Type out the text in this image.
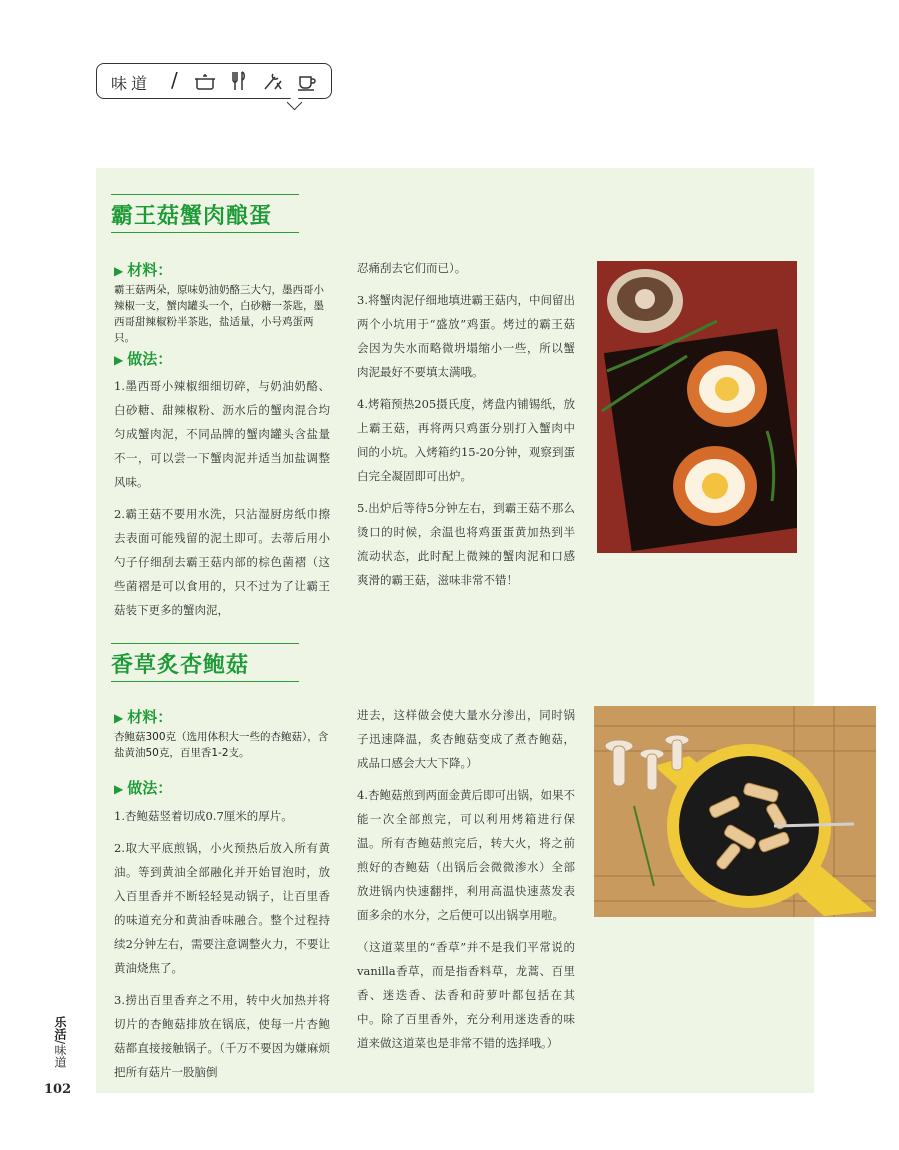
味道 /
霸王菇蟹肉酿蛋
▶ 材料：
霸王菇两朵，原味奶油奶酪三大勺，墨西哥小辣椒一支，蟹肉罐头一个，白砂糖一茶匙，墨西哥甜辣椒粉半茶匙，盐适量，小号鸡蛋两只。
▶ 做法：

1.墨西哥小辣椒细细切碎，与奶油奶酪、白砂糖、甜辣椒粉、沥水后的蟹肉混合均匀成蟹肉泥，不同品牌的蟹肉罐头含盐量不一，可以尝一下蟹肉泥并适当加盐调整风味。

2.霸王菇不要用水洗，只沾湿厨房纸巾擦去表面可能残留的泥土即可。去蒂后用小勺子仔细刮去霸王菇内部的棕色菌褶（这些菌褶是可以食用的，只不过为了让霸王菇装下更多的蟹肉泥，

忍痛刮去它们而已）。

3.将蟹肉泥仔细地填进霸王菇内，中间留出两个小坑用于“盛放”鸡蛋。烤过的霸王菇会因为失水而略微坍塌缩小一些，所以蟹肉泥最好不要填太满哦。

4.烤箱预热205摄氏度，烤盘内铺锡纸，放上霸王菇，再将两只鸡蛋分别打入蟹肉中间的小坑。入烤箱约15-20分钟，观察到蛋白完全凝固即可出炉。

5.出炉后等待5分钟左右，到霸王菇不那么烫口的时候，余温也将鸡蛋蛋黄加热到半流动状态，此时配上微辣的蟹肉泥和口感爽滑的霸王菇，滋味非常不错！

香草炙杏鲍菇
▶ 材料：
杏鲍菇300克（选用体积大一些的杏鲍菇），含盐黄油50克，百里香1-2支。
▶ 做法：

1.杏鲍菇竖着切成0.7厘米的厚片。

2.取大平底煎锅，小火预热后放入所有黄油。等到黄油全部融化并开始冒泡时，放入百里香并不断轻轻晃动锅子，让百里香的味道充分和黄油香味融合。整个过程持续2分钟左右，需要注意调整火力，不要让黄油烧焦了。

3.捞出百里香弃之不用，转中火加热并将切片的杏鲍菇排放在锅底，使每一片杏鲍菇都直接接触锅子。（千万不要因为嫌麻烦把所有菇片一股脑倒

进去，这样做会使大量水分渗出，同时锅子迅速降温，炙杏鲍菇变成了煮杏鲍菇，成品口感会大大下降。）

4.杏鲍菇煎到两面金黄后即可出锅，如果不能一次全部煎完，可以利用烤箱进行保温。所有杏鲍菇煎完后，转大火，将之前煎好的杏鲍菇（出锅后会微微渗水）全部放进锅内快速翻拌，利用高温快速蒸发表面多余的水分，之后便可以出锅享用啦。

（这道菜里的“香草”并不是我们平常说的vanilla香草，而是指香料草，龙蒿、百里香、迷迭香、法香和莳萝叶都包括在其中。除了百里香外，充分利用迷迭香的味道来做这道菜也是非常不错的选择哦。）

乐活/味道
102
